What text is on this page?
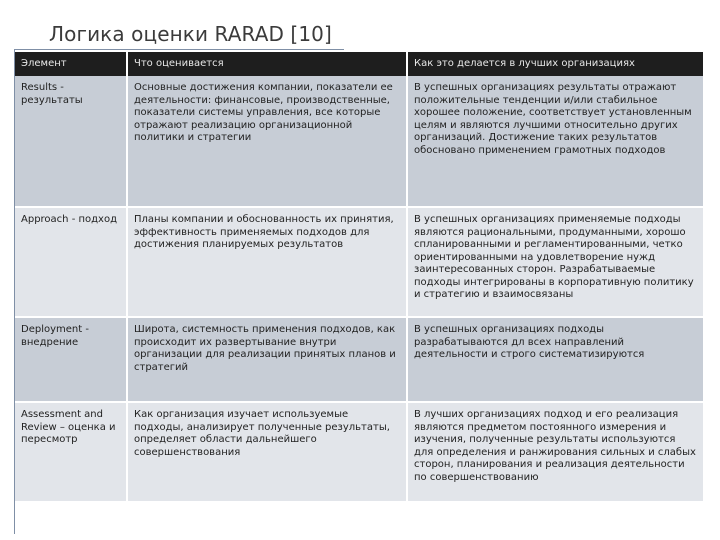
Логика оценки RARAD [10]
Элемент	Что оценивается	Как это делается в лучших организациях
Results - результаты	Основные достижения компании, показатели ее деятельности: финансовые, производственные, показатели системы управления, все которые отражают реализацию организационной политики и стратегии	В успешных организациях результаты отражают положительные тенденции и/или стабильное хорошее положение, соответствует установленным целям и являются лучшими относительно других организаций. Достижение таких результатов обосновано применением грамотных подходов
Approach - подход	Планы компании и обоснованность их принятия, эффективность применяемых подходов для достижения планируемых результатов	В успешных организациях применяемые подходы являются рациональными, продуманными, хорошо спланированными и регламентированными, четко ориентированными на удовлетворение нужд заинтересованных сторон. Разрабатываемые подходы интегрированы в корпоративную политику и стратегию и взаимосвязаны
Deployment - внедрение	Широта, системность применения подходов, как происходит их развертывание внутри организации для реализации принятых планов и стратегий	В успешных организациях подходы разрабатываются дл всех направлений деятельности и строго систематизируются
Assessment and Review – оценка и пересмотр	Как организация изучает используемые подходы, анализирует полученные результаты, определяет области дальнейшего совершенствования	В лучших организациях подход и его реализация являются предметом постоянного измерения и изучения, полученные результаты используются для определения и ранжирования сильных и слабых сторон, планирования и реализация деятельности по совершенствованию
